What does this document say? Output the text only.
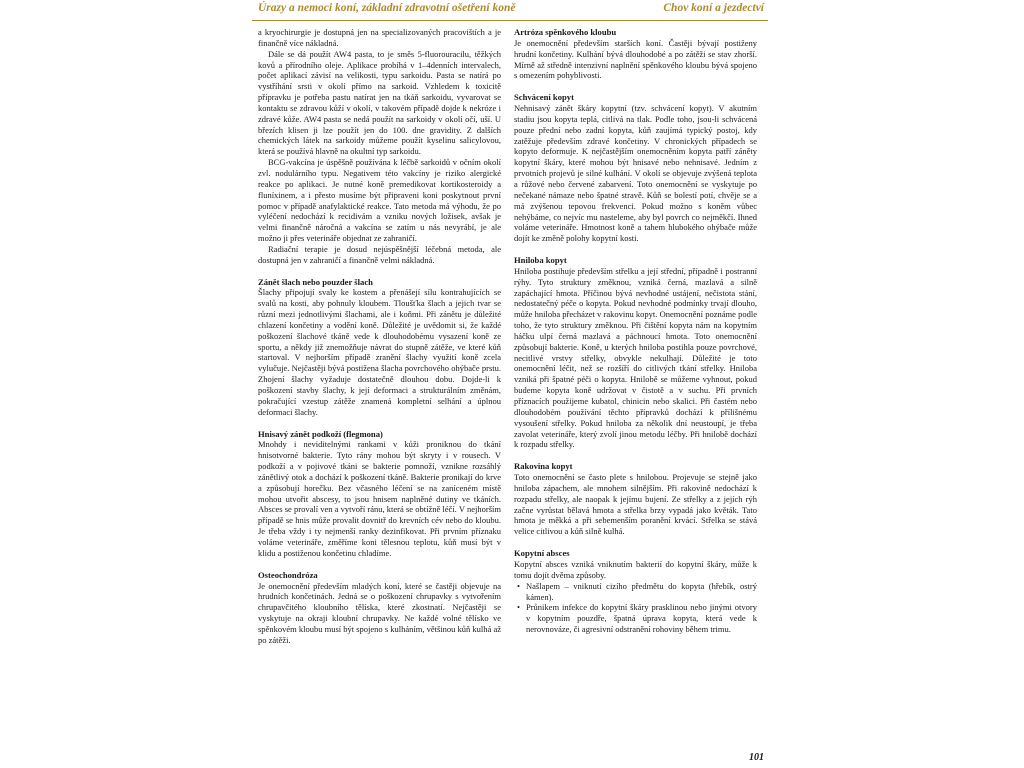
Úrazy a nemoci koní, základní zdravotní ošetření koně	Chov koní a jezdectví

a kryochirurgie je dostupná jen na specializovaných pracovištích a je finančně více nákladná.

Dále se dá použít AW4 pasta, to je směs 5-fluorouracilu, těžkých kovů a přírodního oleje. Aplikace probíhá v 1–4denních intervalech, počet aplikací závisí na velikosti, typu sarkoidu. Pasta se natírá po vystříhání srsti v okolí přímo na sarkoid. Vzhledem k toxicitě přípravku je potřeba pastu natírat jen na tkáň sarkoidu, vyvarovat se kontaktu se zdravou kůží v okolí, v takovém případě dojde k nekróze i zdravé kůže. AW4 pasta se nedá použít na sarkoidy v okolí očí, uší. U březích klisen ji lze použít jen do 100. dne gravidity. Z dalších chemických látek na sarkoidy můžeme použít kyselinu salicylovou, která se používá hlavně na okultní typ sarkoidu.

BCG-vakcína je úspěšně používána k léčbě sarkoidů v očním okolí zvl. nodulárního typu. Negativem této vakcíny je riziko alergické reakce po aplikaci. Je nutné koně premedikovat kortikosteroidy a fluníxinem, a i přesto musíme být připraveni koni poskytnout první pomoc v případě anafylaktické reakce. Tato metoda má výhodu, že po vyléčení nedochází k recidivám a vzniku nových ložisek, avšak je velmi finančně náročná a vakcína se zatím u nás nevyrábí, je ale možno ji přes veterináře objednat ze zahraničí.

Radiační terapie je dosud nejúspěšnější léčebná metoda, ale dostupná jen v zahraničí a finančně velmi nákladná.

Zánět šlach nebo pouzder šlach

Šlachy připojují svaly ke kostem a přenášejí sílu kontrahujících se svalů na kosti, aby pohnuly kloubem. Tloušťka šlach a jejich tvar se různí mezi jednotlivými šlachami, ale i koňmi. Při zánětu je důležité chlazení končetiny a vodění koně. Důležité je uvědomit si, že každé poškození šlachové tkáně vede k dlouhodobému vysazení koně ze sportu, a někdy již znemožňuje návrat do stupně zátěže, ve které kůň startoval. V nejhorším případě zranění šlachy využití koně zcela vylučuje. Nejčastěji bývá postižena šlacha povrchového ohýbače prstu. Zhojení šlachy vyžaduje dostatečně dlouhou dobu. Dojde-li k poškození stavby šlachy, k její deformaci a strukturálním změnám, pokračující vzestup zátěže znamená kompletní selhání a úplnou deformaci šlachy.

Hnisavý zánět podkoží (flegmona)

Mnohdy i neviditelnými rankami v kůži proniknou do tkání hnisotvorné bakterie. Tyto rány mohou být skryty i v rousech. V podkoží a v pojivové tkáni se bakterie pomnoží, vznikne rozsáhlý zánětlivý otok a dochází k poškození tkáně. Bakterie pronikají do krve a způsobují horečku. Bez včasného léčení se na zaníceném místě mohou utvořit abscesy, to jsou hnisem naplněné dutiny ve tkáních. Absces se provalí ven a vytvoří ránu, která se obtížně léčí. V nejhorším případě se hnis může provalit dovnitř do krevních cév nebo do kloubu. Je třeba vždy i ty nejmenší ranky dezinfikovat. Při prvním příznaku voláme veterináře, změříme koni tělesnou teplotu, kůň musí být v klidu a postiženou končetinu chladíme.

Osteochondróza

Je onemocnění především mladých koní, které se častěji objevuje na hrudních končetinách. Jedná se o poškození chrupavky s vytvořením chrupavčitého kloubního tělíska, které zkostnatí. Nejčastěji se vyskytuje na okraji kloubní chrupavky. Ne každé volné tělísko ve spěnkovém kloubu musí být spojeno s kulháním, většinou kůň kulhá až po zátěži.

Artróza spěnkového kloubu

Je onemocnění především starších koní. Častěji bývají postiženy hrudní končetiny. Kulhání bývá dlouhodobé a po zátěži se stav zhorší. Mírně až středně intenzivní naplnění spěnkového kloubu bývá spojeno s omezením pohyblivosti.

Schvácení kopyt

Nehnisavý zánět škáry kopytní (tzv. schvácení kopyt). V akutním stadiu jsou kopyta teplá, citlivá na tlak. Podle toho, jsou-li schvácená pouze přední nebo zadní kopyta, kůň zaujímá typický postoj, kdy zatěžuje především zdravé končetiny. V chronických případech se kopyto deformuje. K nejčastějším onemocněním kopyta patří záněty kopytní škáry, které mohou být hnisavé nebo nehnisavé. Jedním z prvotních projevů je silné kulhání. V okolí se objevuje zvýšená teplota a růžové nebo červené zabarvení. Toto onemocnění se vyskytuje po nečekané námaze nebo špatné stravě. Kůň se bolestí potí, chvěje se a má zvýšenou tepovou frekvenci. Pokud možno s koněm vůbec nehýbáme, co nejvíc mu nasteleme, aby byl povrch co nejměkčí. Ihned voláme veterináře. Hmotnost koně a tahem hlubokého ohýbače může dojít ke změně polohy kopytní kosti.

Hniloba kopyt

Hniloba postihuje především střelku a její střední, případně i postranní rýhy. Tyto struktury změknou, vzniká černá, mazlavá a silně zapáchající hmota. Příčinou bývá nevhodné ustájení, nečistota stání, nedostatečný péče o kopyta. Pokud nevhodné podmínky trvají dlouho, může hniloba přecházet v rakovinu kopyt. Onemocnění poznáme podle toho, že tyto struktury změknou. Při čištění kopyta nám na kopytním háčku ulpí černá mazlavá a páchnoucí hmota. Toto onemocnění způsobují bakterie. Koně, u kterých hniloba postihla pouze povrchové, necitlivé vrstvy střelky, obvykle nekulhají. Důležité je toto onemocnění léčit, než se rozšíří do citlivých tkání střelky. Hniloba vzniká při špatné péči o kopyta. Hnilobě se můžeme vyhnout, pokud budeme kopyta koně udržovat v čistotě a v suchu. Při prvních příznacích použijeme kubatol, chinicin nebo skalici. Při častém nebo dlouhodobém používání těchto přípravků dochází k přílišnému vysoušení střelky. Pokud hniloba za několik dní neustoupí, je třeba zavolat veterináře, který zvolí jinou metodu léčby. Při hnilobě dochází k rozpadu střelky.

Rakovina kopyt

Toto onemocnění se často plete s hnilobou. Projevuje se stejně jako hniloba zápachem, ale mnohem silnějším. Při rakovině nedochází k rozpadu střelky, ale naopak k jejímu bujení. Ze střelky a z jejích rýh začne vyrůstat bělavá hmota a střelka brzy vypadá jako květák. Tato hmota je měkká a při sebemenším poranění krvácí. Střelka se stává velice citlivou a kůň silně kulhá.

Kopytní absces

Kopytní absces vzniká vniknutím bakterií do kopytní škáry, může k tomu dojít dvěma způsoby.

• Našlapem – vniknutí cizího předmětu do kopyta (hřebík, ostrý kámen).
• Průnikem infekce do kopytní škáry prasklinou nebo jinými otvory v kopytním pouzdře, špatná úprava kopyta, která vede k nerovnováze, či agresivní odstranění rohoviny během trimu.
101
